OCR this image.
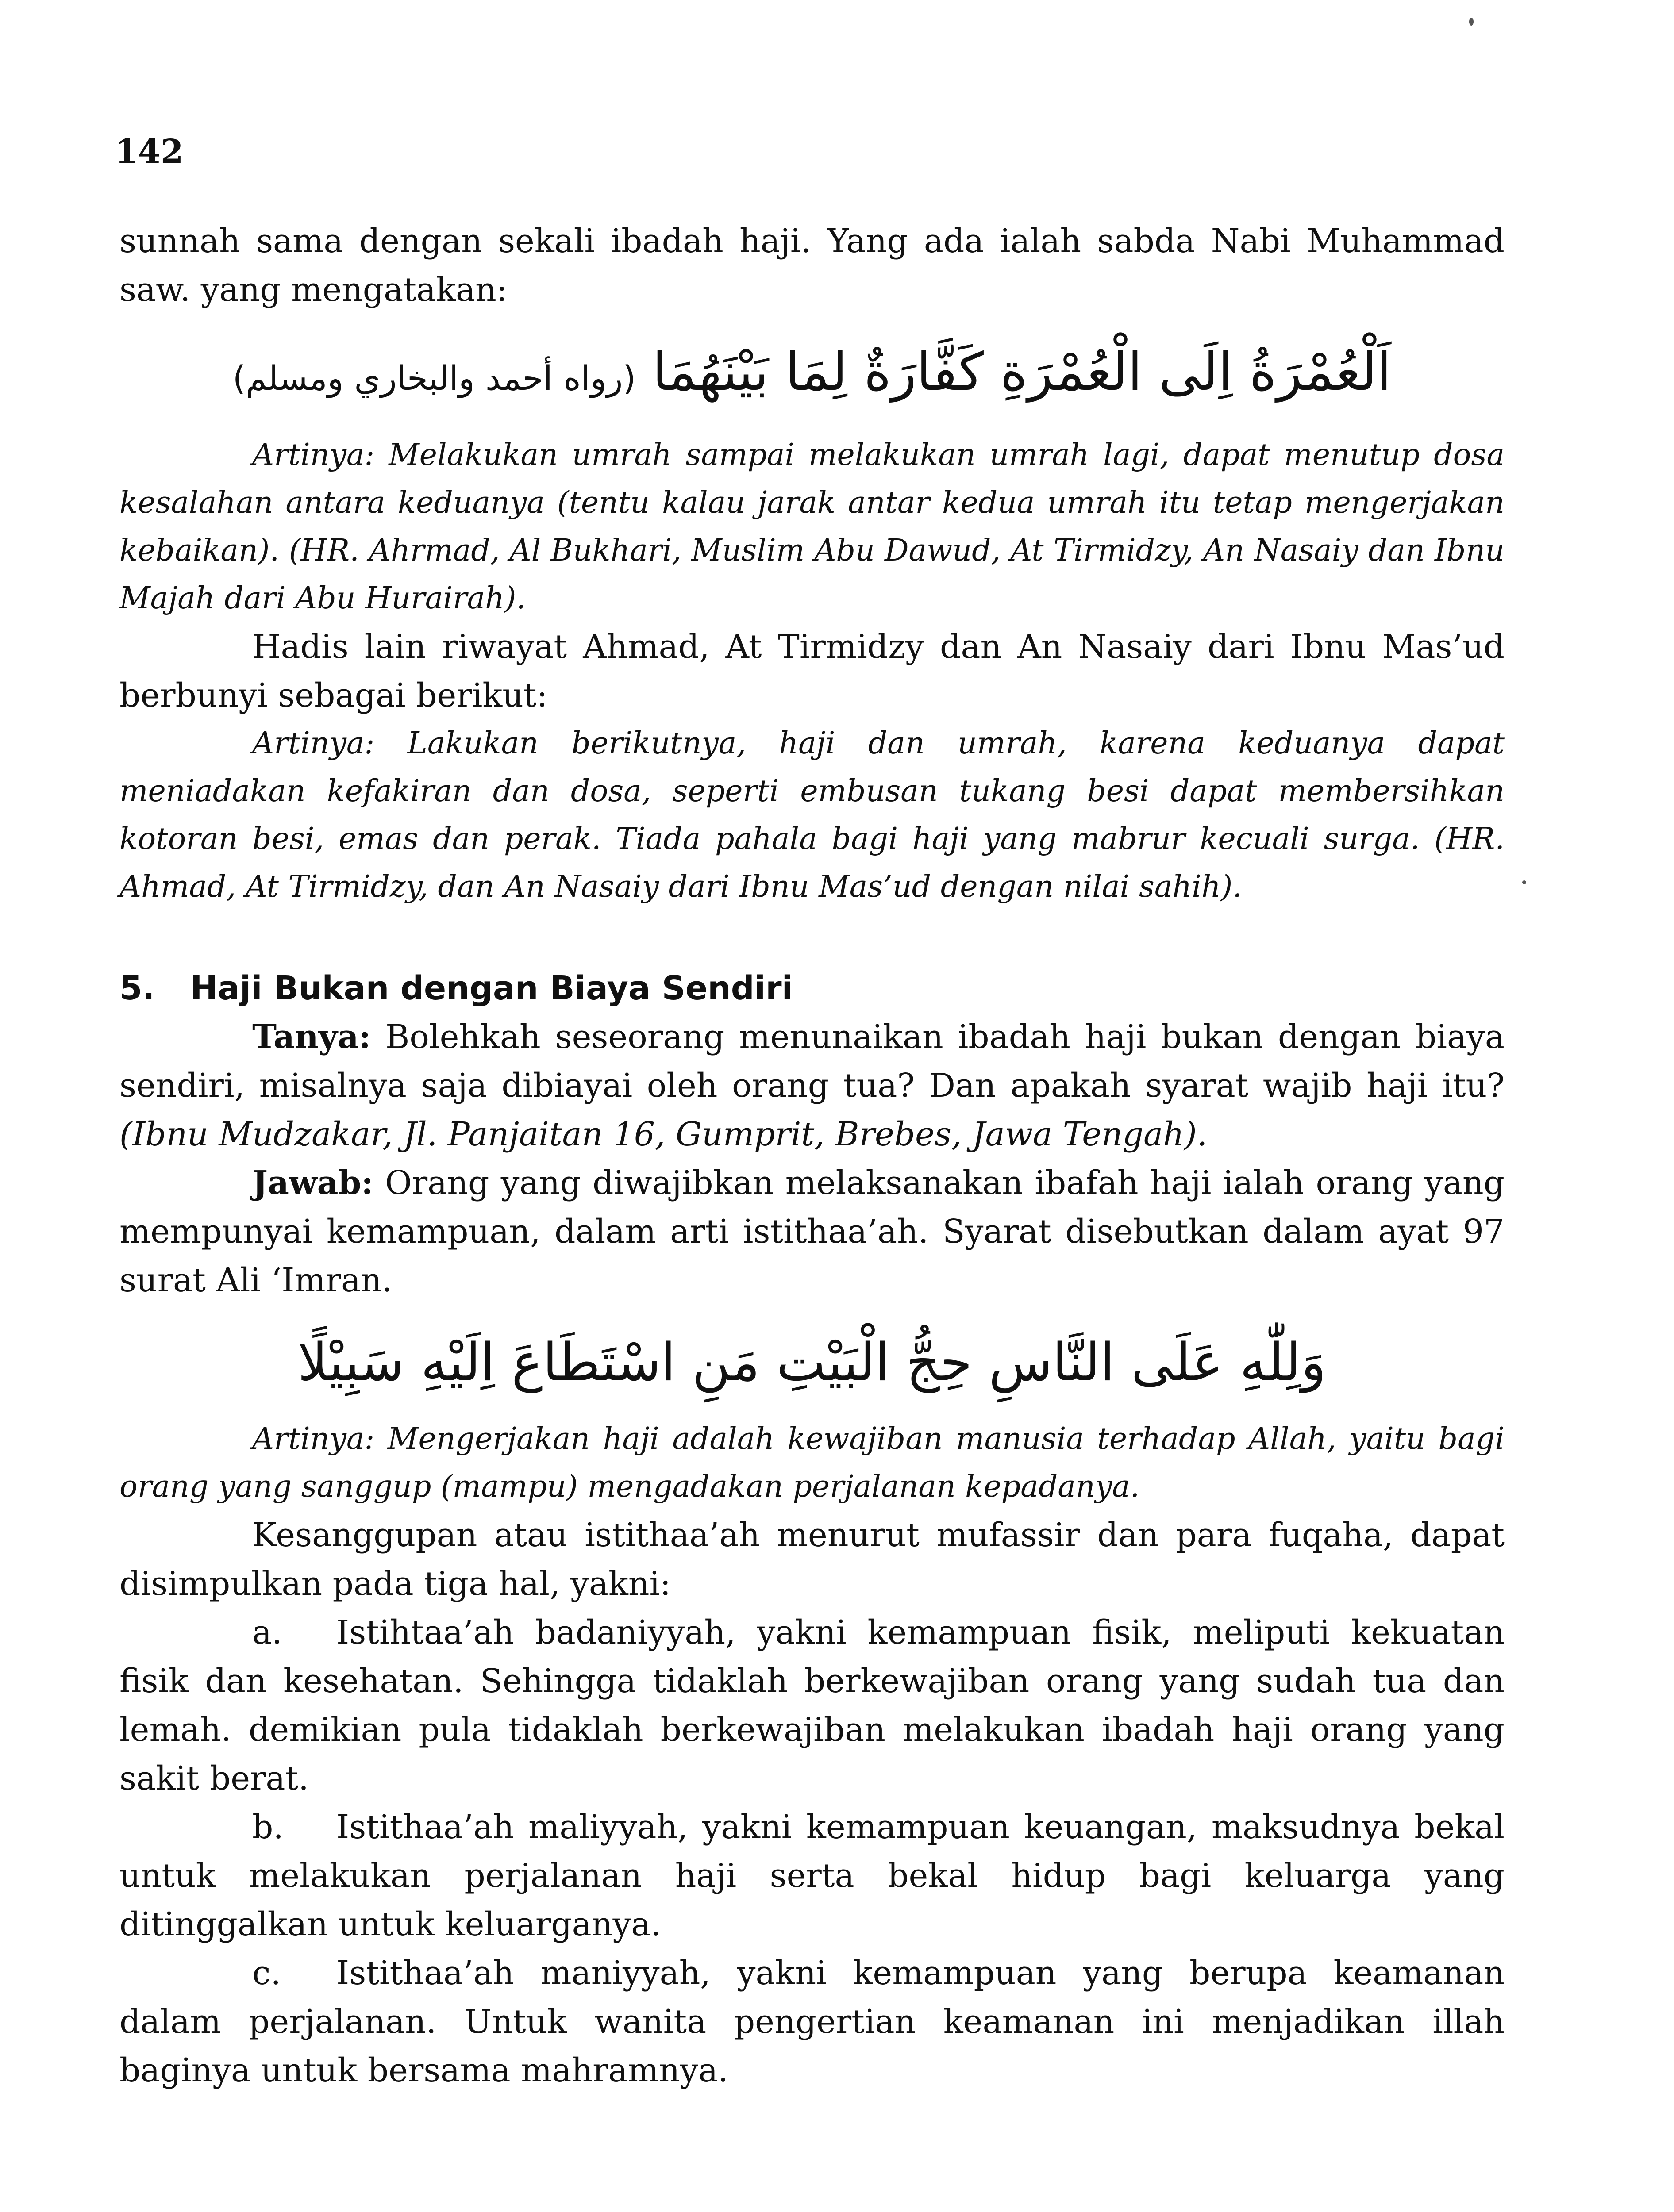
142

sunnah sama dengan sekali ibadah haji. Yang ada ialah sabda Nabi Muhammad saw. yang mengatakan:

اَلْعُمْرَةُ اِلَى الْعُمْرَةِ كَفَّارَةٌ لِمَا بَيْنَهُمَا (رواه أحمد والبخاري ومسلم)

Artinya: Melakukan umrah sampai melakukan umrah lagi, dapat menutup dosa kesalahan antara keduanya (tentu kalau jarak antar kedua umrah itu tetap mengerjakan kebaikan). (HR. Ahrmad, Al Bukhari, Muslim Abu Dawud, At Tirmidzy, An Nasaiy dan Ibnu Majah dari Abu Hurairah).

Hadis lain riwayat Ahmad, At Tirmidzy dan An Nasaiy dari Ibnu Mas’ud berbunyi sebagai berikut:

Artinya: Lakukan berikutnya, haji dan umrah, karena keduanya dapat meniadakan kefakiran dan dosa, seperti embusan tukang besi dapat membersihkan kotoran besi, emas dan perak. Tiada pahala bagi haji yang mabrur kecuali surga. (HR. Ahmad, At Tirmidzy, dan An Nasaiy dari Ibnu Mas’ud dengan nilai sahih).

5. Haji Bukan dengan Biaya Sendiri

Tanya: Bolehkah seseorang menunaikan ibadah haji bukan dengan biaya sendiri, misalnya saja dibiayai oleh orang tua? Dan apakah syarat wajib haji itu? (Ibnu Mudzakar, Jl. Panjaitan 16, Gumprit, Brebes, Jawa Tengah).

Jawab: Orang yang diwajibkan melaksanakan ibafah haji ialah orang yang mempunyai kemampuan, dalam arti istithaa’ah. Syarat disebutkan dalam ayat 97 surat Ali ‘Imran.

وَلِلّٰهِ عَلَى النَّاسِ حِجُّ الْبَيْتِ مَنِ اسْتَطَاعَ اِلَيْهِ سَبِيْلًا

Artinya: Mengerjakan haji adalah kewajiban manusia terhadap Allah, yaitu bagi orang yang sanggup (mampu) mengadakan perjalanan kepadanya.

Kesanggupan atau istithaa’ah menurut mufassir dan para fuqaha, dapat disimpulkan pada tiga hal, yakni:

a. Istihtaa’ah badaniyyah, yakni kemampuan fisik, meliputi kekuatan fisik dan kesehatan. Sehingga tidaklah berkewajiban orang yang sudah tua dan lemah. demikian pula tidaklah berkewajiban melakukan ibadah haji orang yang sakit berat.

b. Istithaa’ah maliyyah, yakni kemampuan keuangan, maksudnya bekal untuk melakukan perjalanan haji serta bekal hidup bagi keluarga yang ditinggalkan untuk keluarganya.

c. Istithaa’ah maniyyah, yakni kemampuan yang berupa keamanan dalam perjalanan. Untuk wanita pengertian keamanan ini menjadikan illah baginya untuk bersama mahramnya.
